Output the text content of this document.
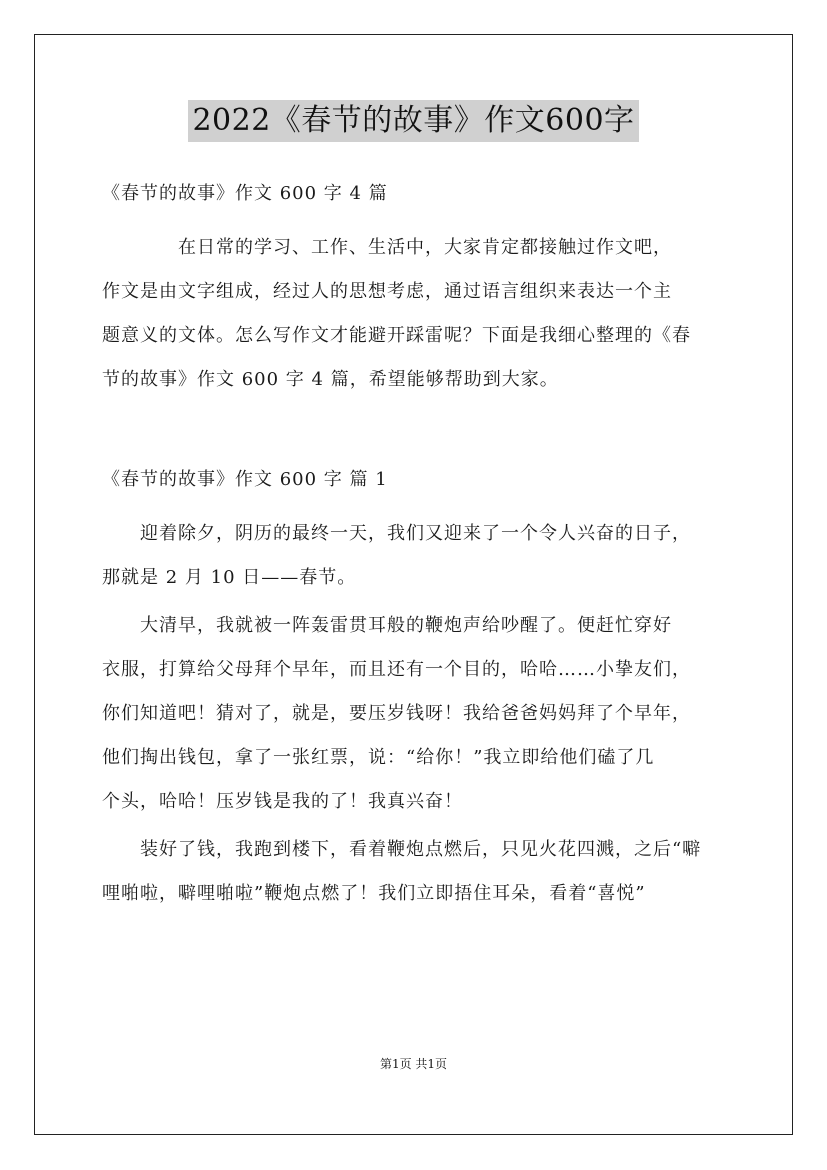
2022《春节的故事》作文600字
《春节的故事》作文 600 字 4 篇
　　　　在日常的学习、工作、生活中，大家肯定都接触过作文吧，
作文是由文字组成，经过人的思想考虑，通过语言组织来表达一个主
题意义的文体。怎么写作文才能避开踩雷呢？下面是我细心整理的《春
节的故事》作文 600 字 4 篇，希望能够帮助到大家。
《春节的故事》作文 600 字 篇 1
　　迎着除夕，阴历的最终一天，我们又迎来了一个令人兴奋的日子，
那就是 2 月 10 日——春节。
　　大清早，我就被一阵轰雷贯耳般的鞭炮声给吵醒了。便赶忙穿好
衣服，打算给父母拜个早年，而且还有一个目的，哈哈……小挚友们，
你们知道吧！猜对了，就是，要压岁钱呀！我给爸爸妈妈拜了个早年，
他们掏出钱包，拿了一张红票，说：“给你！”我立即给他们磕了几
个头，哈哈！压岁钱是我的了！我真兴奋！
　　装好了钱，我跑到楼下，看着鞭炮点燃后，只见火花四溅，之后“噼
哩啪啦，噼哩啪啦”鞭炮点燃了！我们立即捂住耳朵，看着“喜悦”
第1页 共1页
